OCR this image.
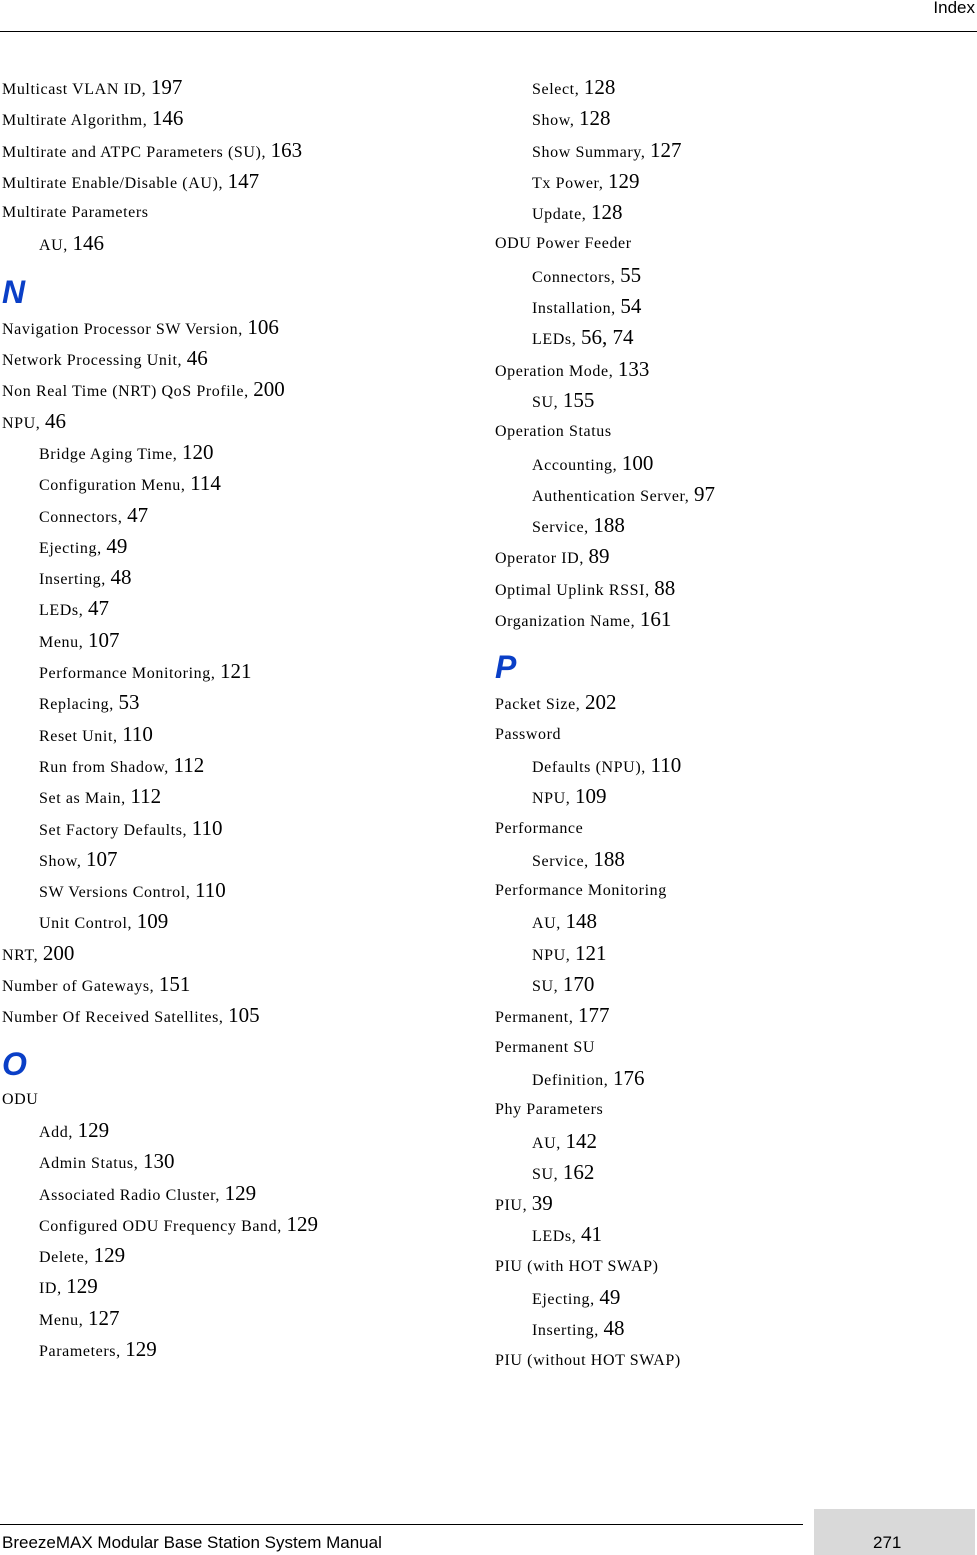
Index
Multicast VLAN ID, 197
Multirate Algorithm, 146
Multirate and ATPC Parameters (SU), 163
Multirate Enable/Disable (AU), 147
Multirate Parameters
AU, 146
N
Navigation Processor SW Version, 106
Network Processing Unit, 46
Non Real Time (NRT) QoS Profile, 200
NPU, 46
Bridge Aging Time, 120
Configuration Menu, 114
Connectors, 47
Ejecting, 49
Inserting, 48
LEDs, 47
Menu, 107
Performance Monitoring, 121
Replacing, 53
Reset Unit, 110
Run from Shadow, 112
Set as Main, 112
Set Factory Defaults, 110
Show, 107
SW Versions Control, 110
Unit Control, 109
NRT, 200
Number of Gateways, 151
Number Of Received Satellites, 105
O
ODU
Add, 129
Admin Status, 130
Associated Radio Cluster, 129
Configured ODU Frequency Band, 129
Delete, 129
ID, 129
Menu, 127
Parameters, 129
Select, 128
Show, 128
Show Summary, 127
Tx Power, 129
Update, 128
ODU Power Feeder
Connectors, 55
Installation, 54
LEDs, 56, 74
Operation Mode, 133
SU, 155
Operation Status
Accounting, 100
Authentication Server, 97
Service, 188
Operator ID, 89
Optimal Uplink RSSI, 88
Organization Name, 161
P
Packet Size, 202
Password
Defaults (NPU), 110
NPU, 109
Performance
Service, 188
Performance Monitoring
AU, 148
NPU, 121
SU, 170
Permanent, 177
Permanent SU
Definition, 176
Phy Parameters
AU, 142
SU, 162
PIU, 39
LEDs, 41
PIU (with HOT SWAP)
Ejecting, 49
Inserting, 48
PIU (without HOT SWAP)
BreezeMAX Modular Base Station System Manual	271
